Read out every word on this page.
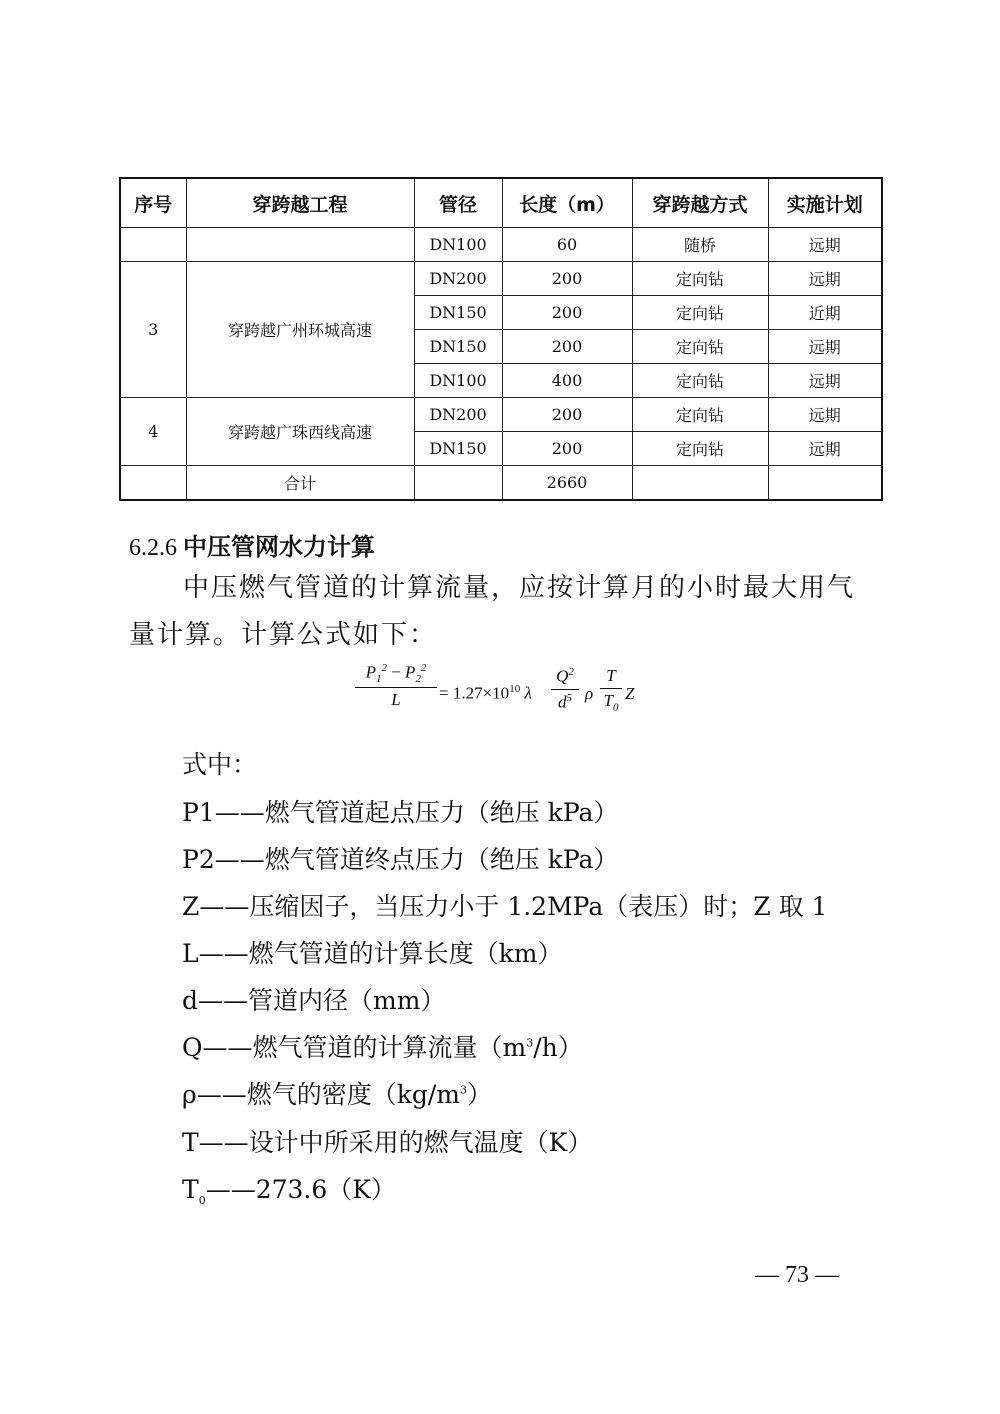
序号	穿跨越工程	管径	长度（m）	穿跨越方式	实施计划
		DN100	60	随桥	远期
3	穿跨越广州环城高速	DN200	200	定向钻	远期
		DN150	200	定向钻	近期
		DN150	200	定向钻	远期
		DN100	400	定向钻	远期
4	穿跨越广珠西线高速	DN200	200	定向钻	远期
		DN150	200	定向钻	远期
	合计		2660		
6.2.6 中压管网水力计算
中压燃气管道的计算流量，应按计算月的小时最大用气量计算。计算公式如下：
$P_1^2 - P_2^2$
L	= $1.27\times 10^{10}$ λ
$Q^2$
$d^5$ ρ
T
$T_0$
Z
式中：
P1——燃气管道起点压力（绝压 kPa）
P2——燃气管道终点压力（绝压 kPa）
Z——压缩因子，当压力小于 1.2MPa（表压）时；Z 取 1
L——燃气管道的计算长度（km）
d——管道内径（mm）
Q——燃气管道的计算流量$(m^3/h)$
ρ——燃气的密度$(kg/m^3)$
T——设计中所采用的燃气温度（K）
$T_0——273.6(K)$
— 73 —
